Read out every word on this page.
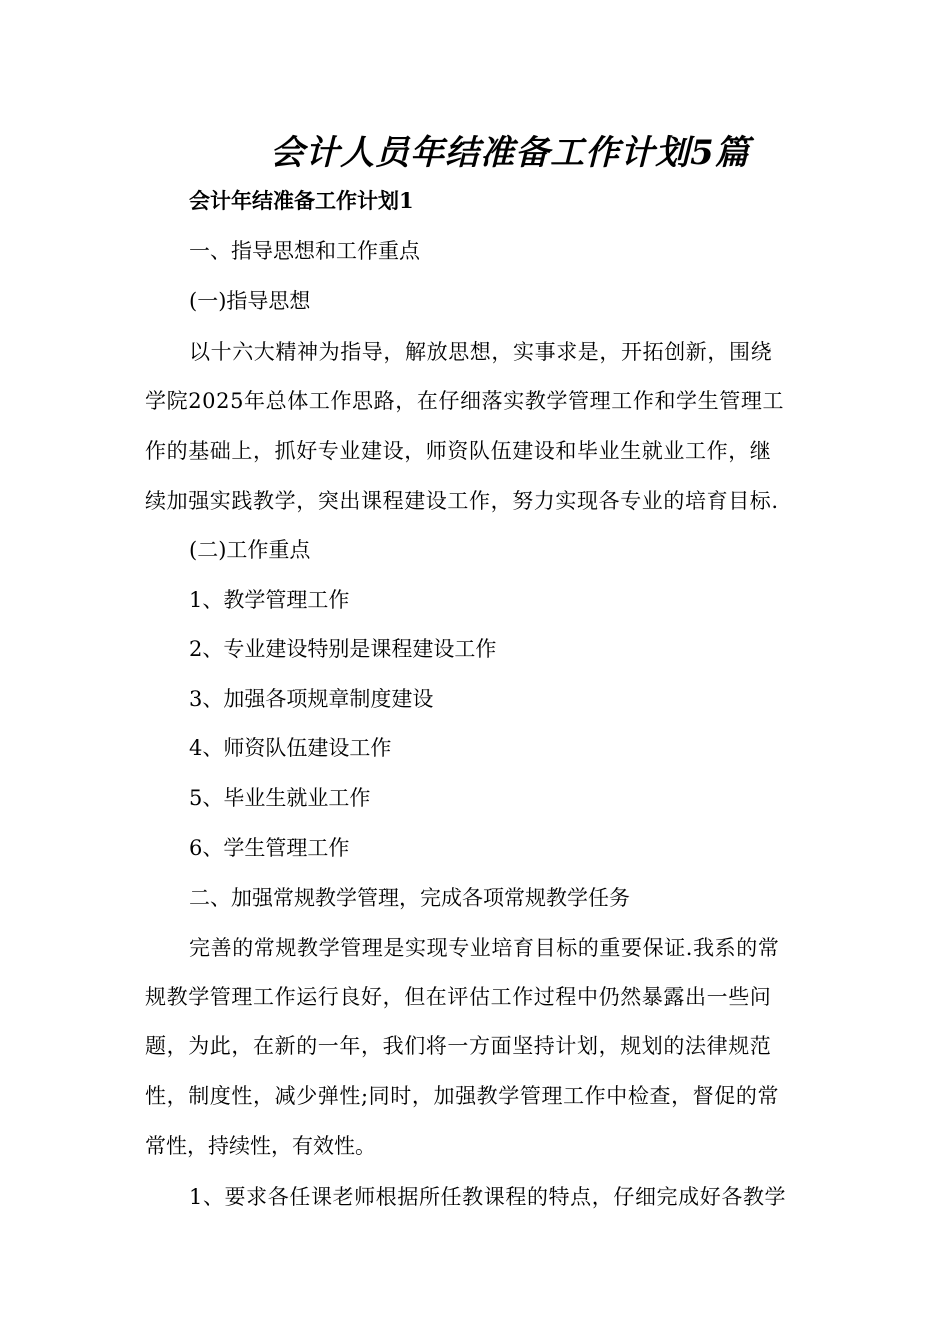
会计人员年结准备工作计划5篇

会计年结准备工作计划1

一、指导思想和工作重点

(一)指导思想

以十六大精神为指导，解放思想，实事求是，开拓创新，围绕

学院2025年总体工作思路，在仔细落实教学管理工作和学生管理工

作的基础上，抓好专业建设，师资队伍建设和毕业生就业工作，继

续加强实践教学，突出课程建设工作，努力实现各专业的培育目标.

(二)工作重点

1、教学管理工作

2、专业建设特别是课程建设工作

3、加强各项规章制度建设

4、师资队伍建设工作

5、毕业生就业工作

6、学生管理工作

二、加强常规教学管理，完成各项常规教学任务

完善的常规教学管理是实现专业培育目标的重要保证.我系的常

规教学管理工作运行良好，但在评估工作过程中仍然暴露出一些问

题，为此，在新的一年，我们将一方面坚持计划，规划的法律规范

性，制度性，减少弹性;同时，加强教学管理工作中检查，督促的常

常性，持续性，有效性。

1、要求各任课老师根据所任教课程的特点，仔细完成好各教学
